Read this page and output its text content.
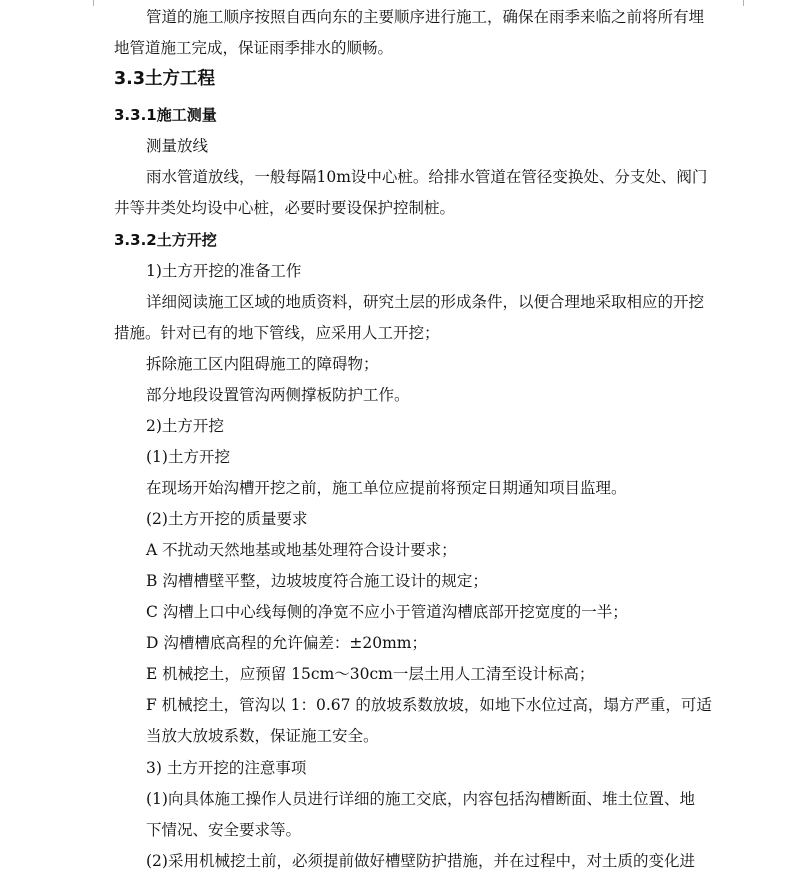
管道的施工顺序按照自西向东的主要顺序进行施工，确保在雨季来临之前将所有埋
地管道施工完成，保证雨季排水的顺畅。
3.3土方工程
3.3.1施工测量
测量放线
雨水管道放线，一般每隔10m设中心桩。给排水管道在管径变换处、分支处、阀门
井等井类处均设中心桩，必要时要设保护控制桩。
3.3.2土方开挖
1)土方开挖的准备工作
详细阅读施工区域的地质资料，研究土层的形成条件，以便合理地采取相应的开挖
措施。针对已有的地下管线，应采用人工开挖；
拆除施工区内阻碍施工的障碍物；
部分地段设置管沟两侧撑板防护工作。
2)土方开挖
(1)土方开挖
在现场开始沟槽开挖之前，施工单位应提前将预定日期通知项目监理。
(2)土方开挖的质量要求
A 不扰动天然地基或地基处理符合设计要求；
B 沟槽槽壁平整，边坡坡度符合施工设计的规定；
C 沟槽上口中心线每侧的净宽不应小于管道沟槽底部开挖宽度的一半；
D 沟槽槽底高程的允许偏差：±20mm；
E 机械挖土，应预留 15cm～30cm一层土用人工清至设计标高；
F 机械挖土，管沟以 1：0.67 的放坡系数放坡，如地下水位过高，塌方严重，可适
当放大放坡系数，保证施工安全。
3) 土方开挖的注意事项
(1)向具体施工操作人员进行详细的施工交底，内容包括沟槽断面、堆土位置、地
下情况、安全要求等。
(2)采用机械挖土前，必须提前做好槽壁防护措施，并在过程中，对土质的变化进
